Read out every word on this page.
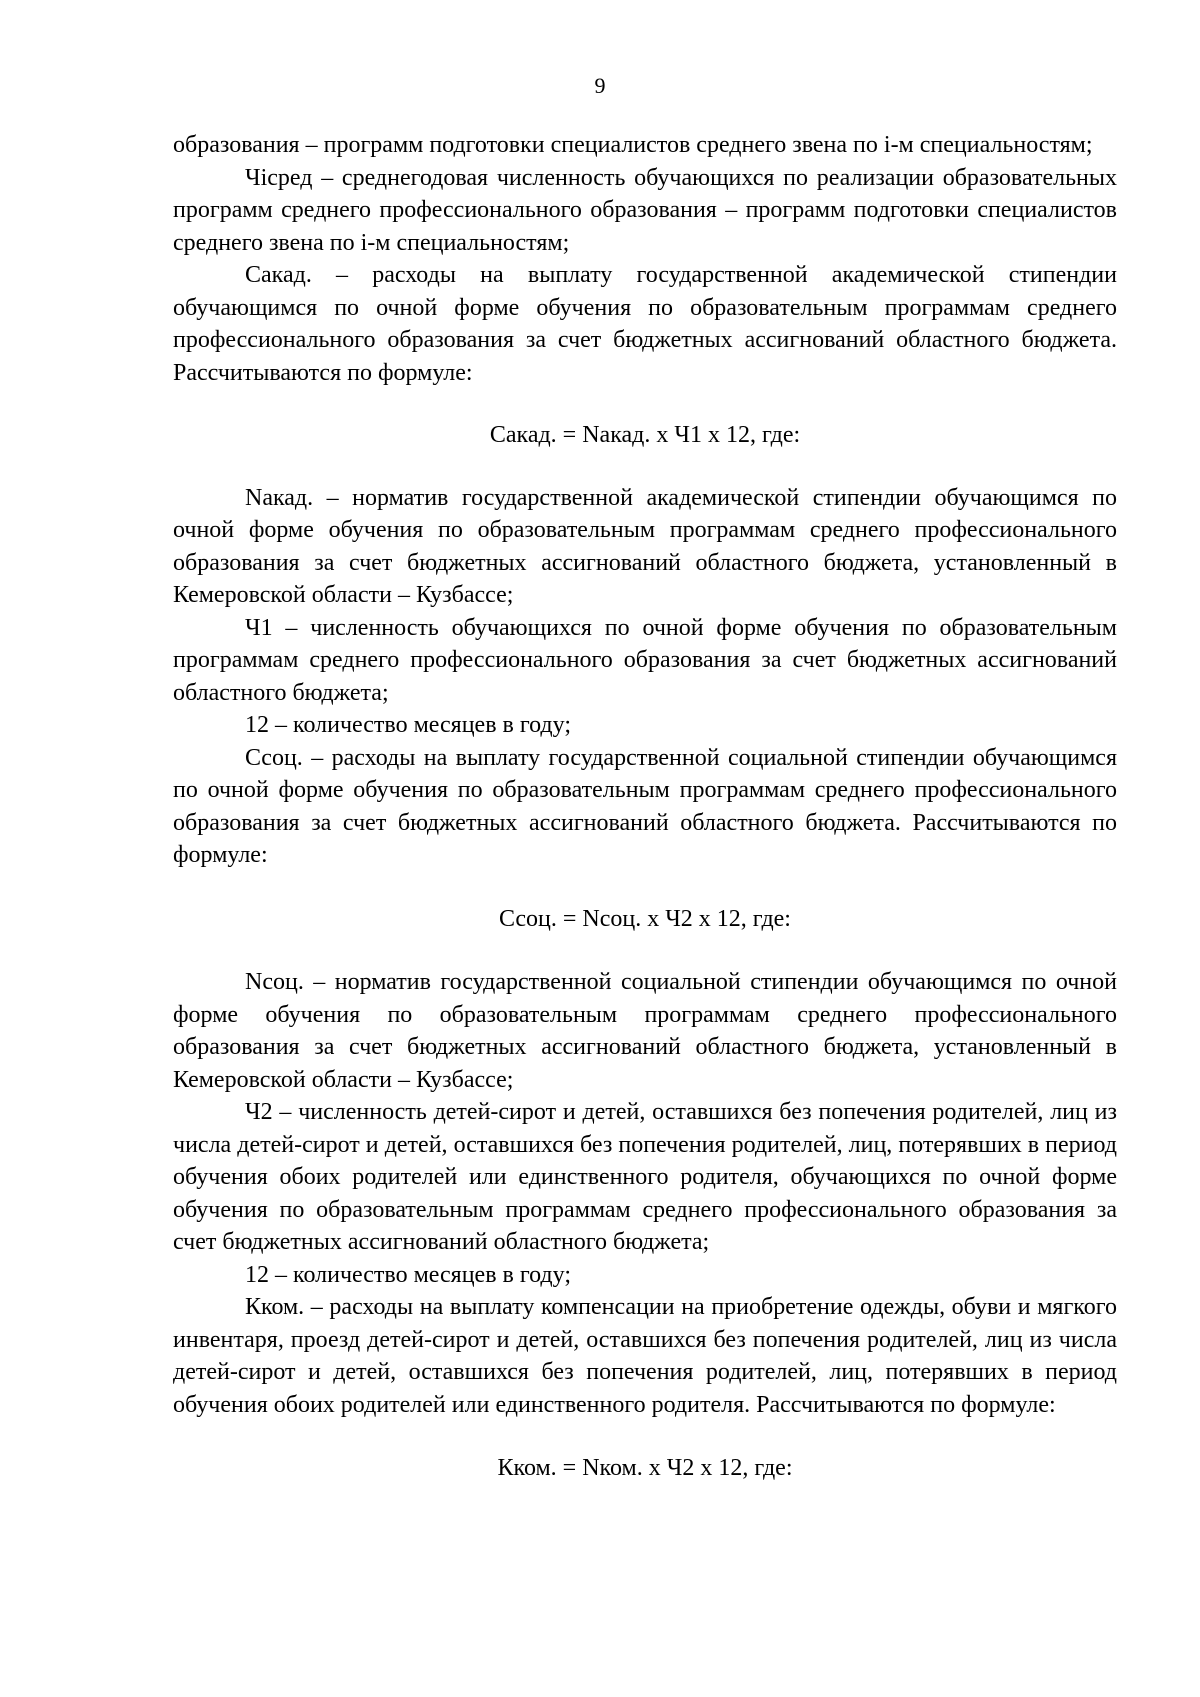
9

образования – программ подготовки специалистов среднего звена по i-м специальностям;

Чiсред – среднегодовая численность обучающихся по реализации образовательных программ среднего профессионального образования – программ подготовки специалистов среднего звена по i-м специальностям;

Сакад. – расходы на выплату государственной академической стипендии обучающимся по очной форме обучения по образовательным программам среднего профессионального образования за счет бюджетных ассигнований областного бюджета. Рассчитываются по формуле:

Сакад. = Nакад. х Ч1 х 12, где:

Nакад. – норматив государственной академической стипендии обучающимся по очной форме обучения по образовательным программам среднего профессионального образования за счет бюджетных ассигнований областного бюджета, установленный в Кемеровской области – Кузбассе;

Ч1 – численность обучающихся по очной форме обучения по образовательным программам среднего профессионального образования за счет бюджетных ассигнований областного бюджета;

12 – количество месяцев в году;

Ссоц. – расходы на выплату государственной социальной стипендии обучающимся по очной форме обучения по образовательным программам среднего профессионального образования за счет бюджетных ассигнований областного бюджета. Рассчитываются по формуле:

Ссоц. = Nсоц. х Ч2 х 12, где:

Nсоц. – норматив государственной социальной стипендии обучающимся по очной форме обучения по образовательным программам среднего профессионального образования за счет бюджетных ассигнований областного бюджета, установленный в Кемеровской области – Кузбассе;

Ч2 – численность детей-сирот и детей, оставшихся без попечения родителей, лиц из числа детей-сирот и детей, оставшихся без попечения родителей, лиц, потерявших в период обучения обоих родителей или единственного родителя, обучающихся по очной форме обучения по образовательным программам среднего профессионального образования за счет бюджетных ассигнований областного бюджета;

12 – количество месяцев в году;

Кком. – расходы на выплату компенсации на приобретение одежды, обуви и мягкого инвентаря, проезд детей-сирот и детей, оставшихся без попечения родителей, лиц из числа детей-сирот и детей, оставшихся без попечения родителей, лиц, потерявших в период обучения обоих родителей или единственного родителя. Рассчитываются по формуле:

Кком. = Nком. х Ч2 х 12, где:
